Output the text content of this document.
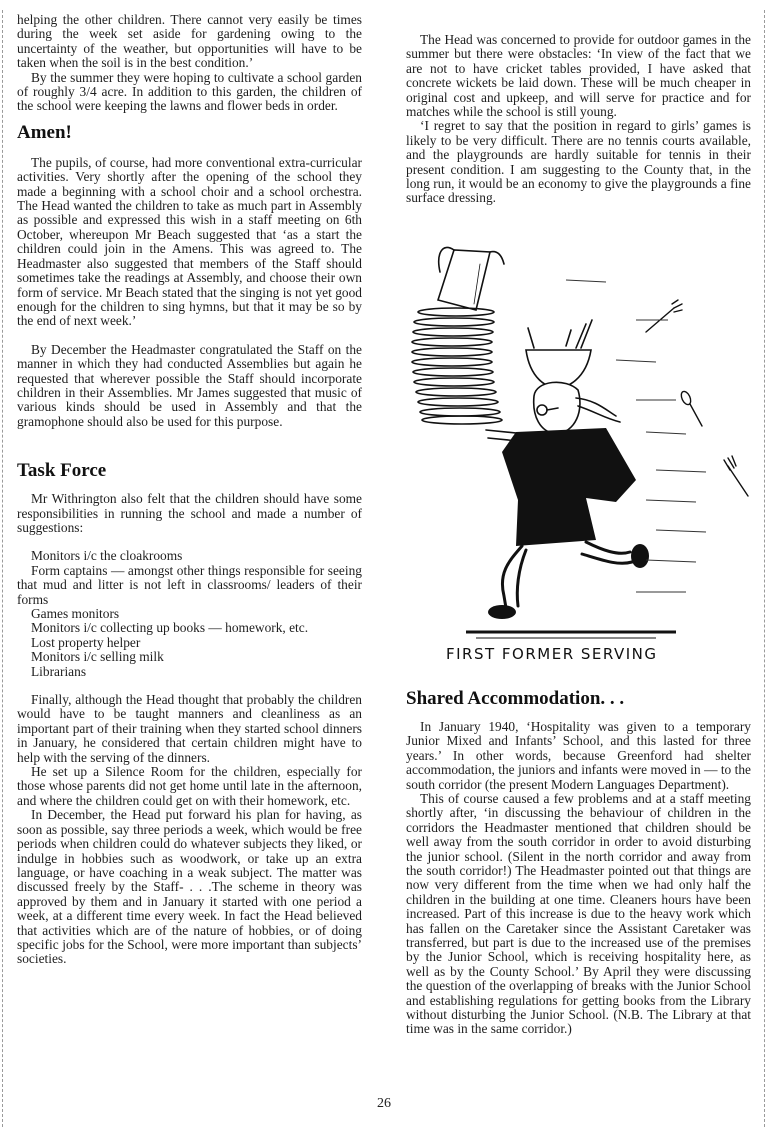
helping the other children. There cannot very easily be times during the week set aside for gardening owing to the uncertainty of the weather, but opportunities will have to be taken when the soil is in the best condition.’

By the summer they were hoping to cultivate a school garden of roughly 3/4 acre. In addition to this garden, the children of the school were keeping the lawns and flower beds in order.

Amen!

The pupils, of course, had more conventional extra-curricular activities. Very shortly after the opening of the school they made a beginning with a school choir and a school orchestra. The Head wanted the children to take as much part in Assembly as possible and expressed this wish in a staff meeting on 6th October, whereupon Mr Beach suggested that ‘as a start the children could join in the Amens. This was agreed to. The Headmaster also suggested that members of the Staff should sometimes take the readings at Assembly, and choose their own form of service. Mr Beach stated that the singing is not yet good enough for the children to sing hymns, but that it may be so by the end of next week.’

By December the Headmaster congratulated the Staff on the manner in which they had conducted Assemblies but again he requested that wherever possible the Staff should incorporate children in their Assemblies. Mr James suggested that music of various kinds should be used in Assembly and that the gramophone should also be used for this purpose.

Task Force

Mr Withrington also felt that the children should have some responsibilities in running the school and made a number of suggestions:

Monitors i/c the cloakrooms
Form captains — amongst other things responsible for seeing that mud and litter is not left in classrooms/ leaders of their forms
Games monitors
Monitors i/c collecting up books — homework, etc.
Lost property helper
Monitors i/c selling milk
Librarians

Finally, although the Head thought that probably the children would have to be taught manners and cleanliness as an important part of their training when they started school dinners in January, he considered that certain children might have to help with the serving of the dinners.

He set up a Silence Room for the children, especially for those whose parents did not get home until late in the afternoon, and where the children could get on with their homework, etc.

In December, the Head put forward his plan for having, as soon as possible, say three periods a week, which would be free periods when children could do whatever subjects they liked, or indulge in hobbies such as woodwork, or take up an extra language, or have coaching in a weak subject. The matter was discussed freely by the Staff- . . .The scheme in theory was approved by them and in January it started with one period a week, at a different time every week. In fact the Head believed that activities which are of the nature of hobbies, or of doing specific jobs for the School, were more important than subjects’ societies.

The Head was concerned to provide for outdoor games in the summer but there were obstacles: ‘In view of the fact that we are not to have cricket tables provided, I have asked that concrete wickets be laid down. These will be much cheaper in original cost and upkeep, and will serve for practice and for matches while the school is still young.

‘I regret to say that the position in regard to girls’ games is likely to be very difficult. There are no tennis courts available, and the playgrounds are hardly suitable for tennis in their present condition. I am suggesting to the County that, in the long run, it would be an economy to give the playgrounds a fine surface dressing.

FIRST FORMER SERVING
Shared Accommodation. . .

In January 1940, ‘Hospitality was given to a temporary Junior Mixed and Infants’ School, and this lasted for three years.’ In other words, because Greenford had shelter accommodation, the juniors and infants were moved in — to the south corridor (the present Modern Languages Department).

This of course caused a few problems and at a staff meeting shortly after, ‘in discussing the behaviour of children in the corridors the Headmaster mentioned that children should be well away from the south corridor in order to avoid disturbing the junior school. (Silent in the north corridor and away from the south corridor!) The Headmaster pointed out that things are now very different from the time when we had only half the children in the building at one time. Cleaners hours have been increased. Part of this increase is due to the heavy work which has fallen on the Caretaker since the Assistant Caretaker was transferred, but part is due to the increased use of the premises by the Junior School, which is receiving hospitality here, as well as by the County School.’ By April they were discussing the question of the overlapping of breaks with the Junior School and establishing regulations for getting books from the Library without disturbing the Junior School. (N.B. The Library at that time was in the same corridor.)

26
